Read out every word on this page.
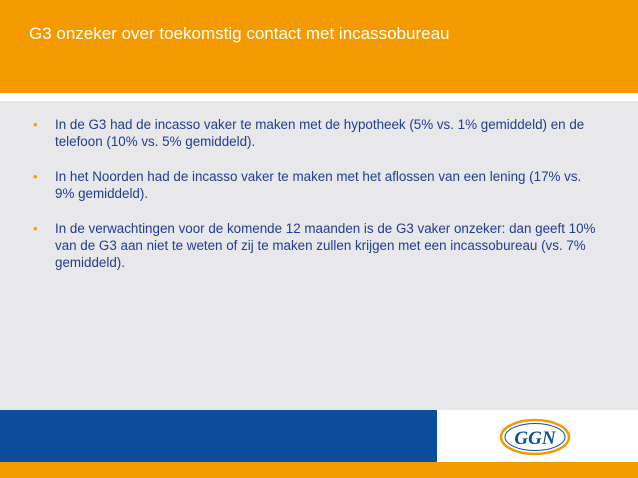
G3 onzeker over toekomstig contact met incassobureau
• In de G3 had de incasso vaker te maken met de hypotheek (5% vs. 1% gemiddeld) en de telefoon (10% vs. 5% gemiddeld).
• In het Noorden had de incasso vaker te maken met het aflossen van een lening (17% vs. 9% gemiddeld).
• In de verwachtingen voor de komende 12 maanden is de G3 vaker onzeker: dan geeft 10% van de G3 aan niet te weten of zij te maken zullen krijgen met een incassobureau (vs. 7% gemiddeld).
GGN
